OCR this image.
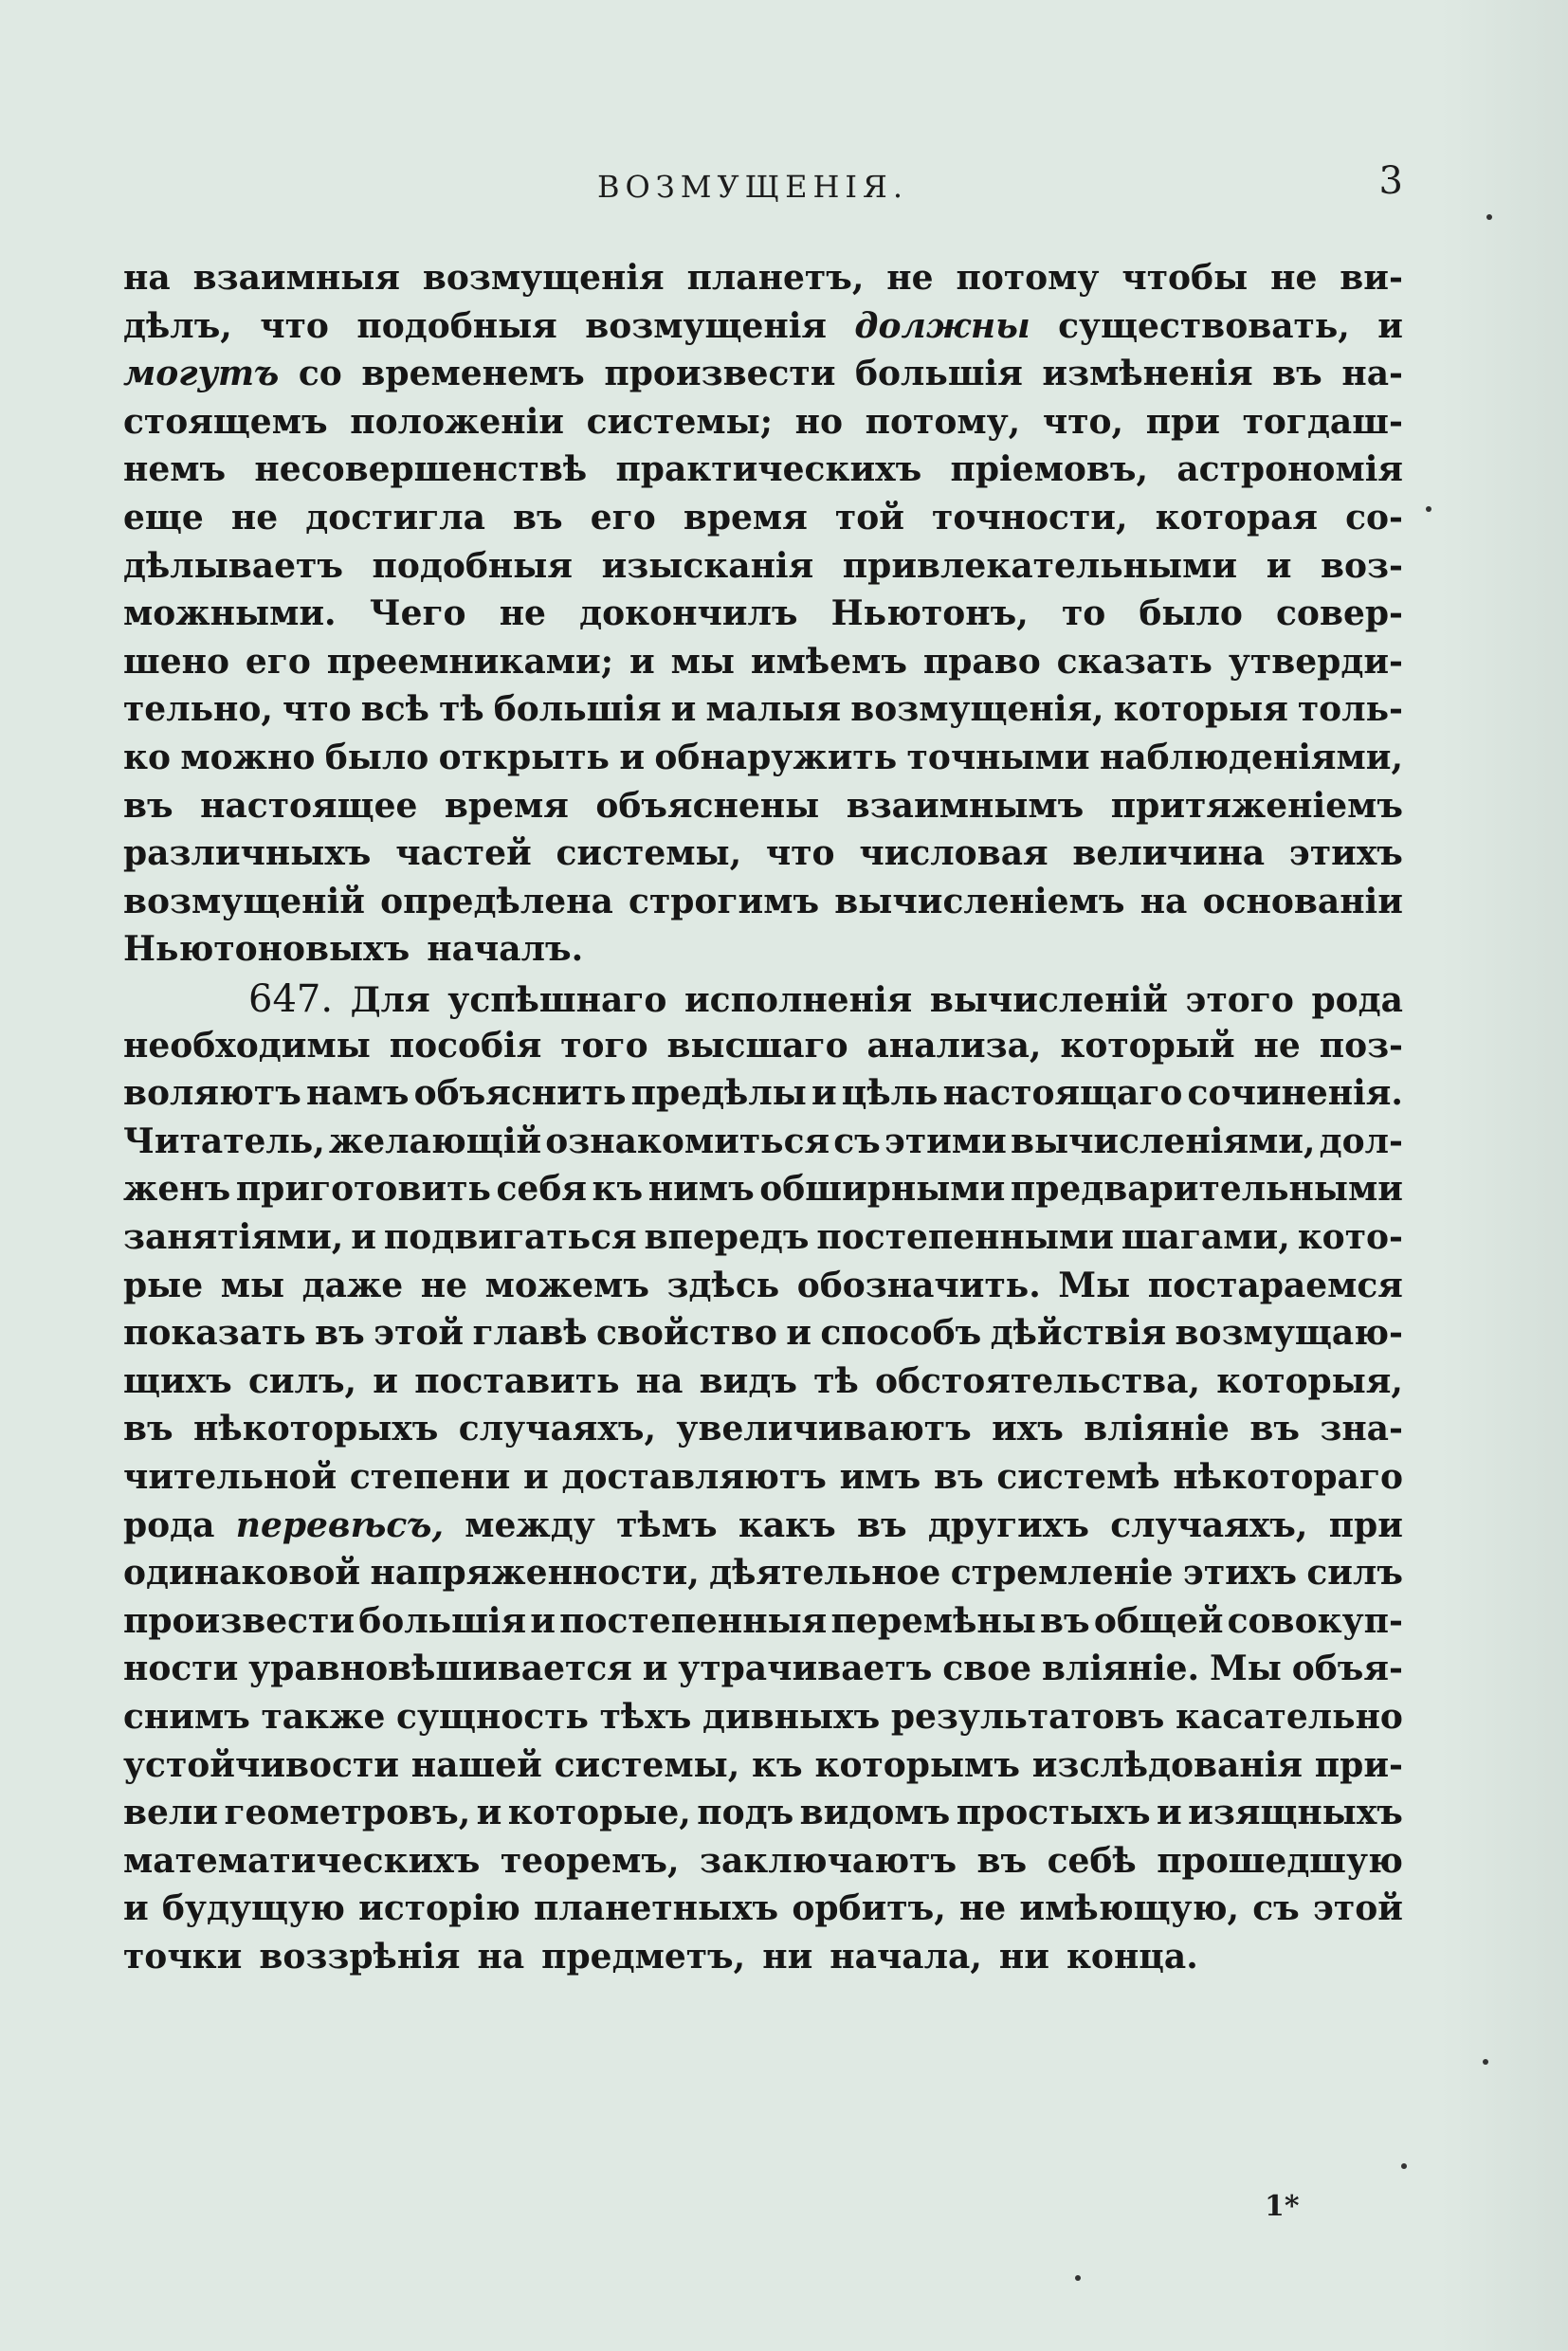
ВОЗМУЩЕНІЯ.	3
на взаимныя возмущенія планетъ, не потому чтобы не ви-
дѣлъ, что подобныя возмущенія должны существовать, и
могутъ со временемъ произвести большія измѣненія въ на-
стоящемъ положеніи системы; но потому, что, при тогдаш-
немъ несовершенствѣ практическихъ пріемовъ, астрономія
еще не достигла въ его время той точности, которая со-
дѣлываетъ подобныя изысканія привлекательными и воз-
можными. Чего не докончилъ Ньютонъ, то было совер-
шено его преемниками; и мы имѣемъ право сказать утверди-
тельно, что всѣ тѣ большія и малыя возмущенія, которыя толь-
ко можно было открыть и обнаружить точными наблюденіями,
въ настоящее время объяснены взаимнымъ притяженіемъ
различныхъ частей системы, что числовая величина этихъ
возмущеній опредѣлена строгимъ вычисленіемъ на основаніи
Ньютоновыхъ началъ.
647. Для успѣшнаго исполненія вычисленій этого рода
необходимы пособія того высшаго анализа, который не поз-
воляютъ намъ объяснить предѣлы и цѣль настоящаго сочиненія.
Читатель, желающій ознакомиться съ этими вычисленіями, дол-
женъ приготовить себя къ нимъ обширными предварительными
занятіями, и подвигаться впередъ постепенными шагами, кото-
рые мы даже не можемъ здѣсь обозначить. Мы постараемся
показать въ этой главѣ свойство и способъ дѣйствія возмущаю-
щихъ силъ, и поставить на видъ тѣ обстоятельства, которыя,
въ нѣкоторыхъ случаяхъ, увеличиваютъ ихъ вліяніе въ зна-
чительной степени и доставляютъ имъ въ системѣ нѣкотораго
рода перевѣсъ, между тѣмъ какъ въ другихъ случаяхъ, при
одинаковой напряженности, дѣятельное стремленіе этихъ силъ
произвести большія и постепенныя перемѣны въ общей совокуп-
ности уравновѣшивается и утрачиваетъ свое вліяніе. Мы объя-
снимъ также сущность тѣхъ дивныхъ результатовъ касательно
устойчивости нашей системы, къ которымъ изслѣдованія при-
вели геометровъ, и которые, подъ видомъ простыхъ и изящныхъ
математическихъ теоремъ, заключаютъ въ себѣ прошедшую
и будущую исторію планетныхъ орбитъ, не имѣющую, съ этой
точки воззрѣнія на предметъ, ни начала, ни конца.
1*
